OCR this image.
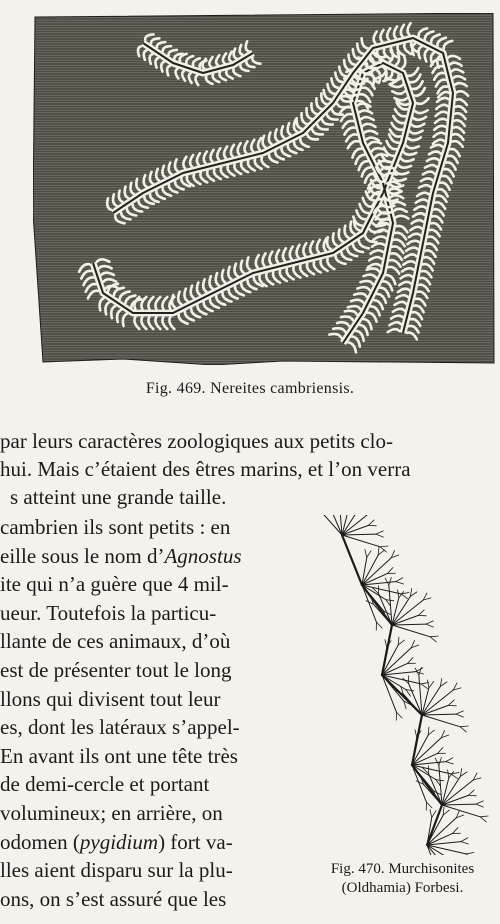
Fig. 469. Nereites cambriensis.
par leurs caractères zoologiques aux petits clo-
hui. Mais c’étaient des êtres marins, et l’on verra
s atteint une grande taille.
cambrien ils sont petits : en
eille sous le nom d’Agnostus
ite qui n’a guère que 4 mil-
ueur. Toutefois la particu-
llante de ces animaux, d’où
est de présenter tout le long
llons qui divisent tout leur
es, dont les latéraux s’appel-
En avant ils ont une tête très
de demi-cercle et portant
volumineux; en arrière, on
odomen (pygidium) fort va-
lles aient disparu sur la plu-
ons, on s’est assuré que les
Fig. 470. Murchisonites
(Oldhamia) Forbesi.
